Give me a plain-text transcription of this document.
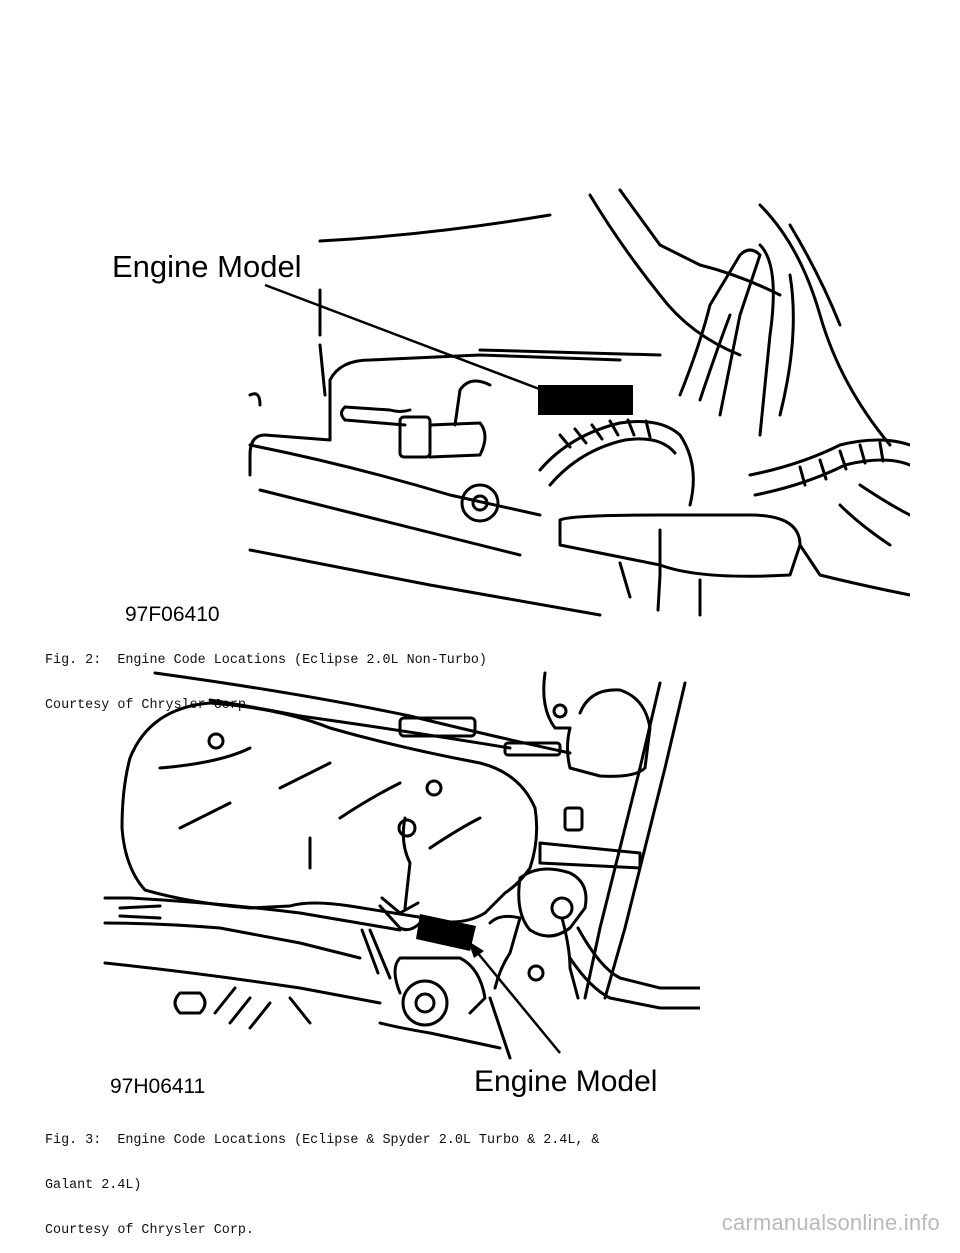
Engine Model
97F06410

Fig. 2:  Engine Code Locations (Eclipse 2.0L Non-Turbo)

Courtesy of Chrysler Corp.

97H06411	Engine Model

Fig. 3:  Engine Code Locations (Eclipse & Spyder 2.0L Turbo & 2.4L, &

Galant 2.4L)

Courtesy of Chrysler Corp.	carmanualsonline.info
